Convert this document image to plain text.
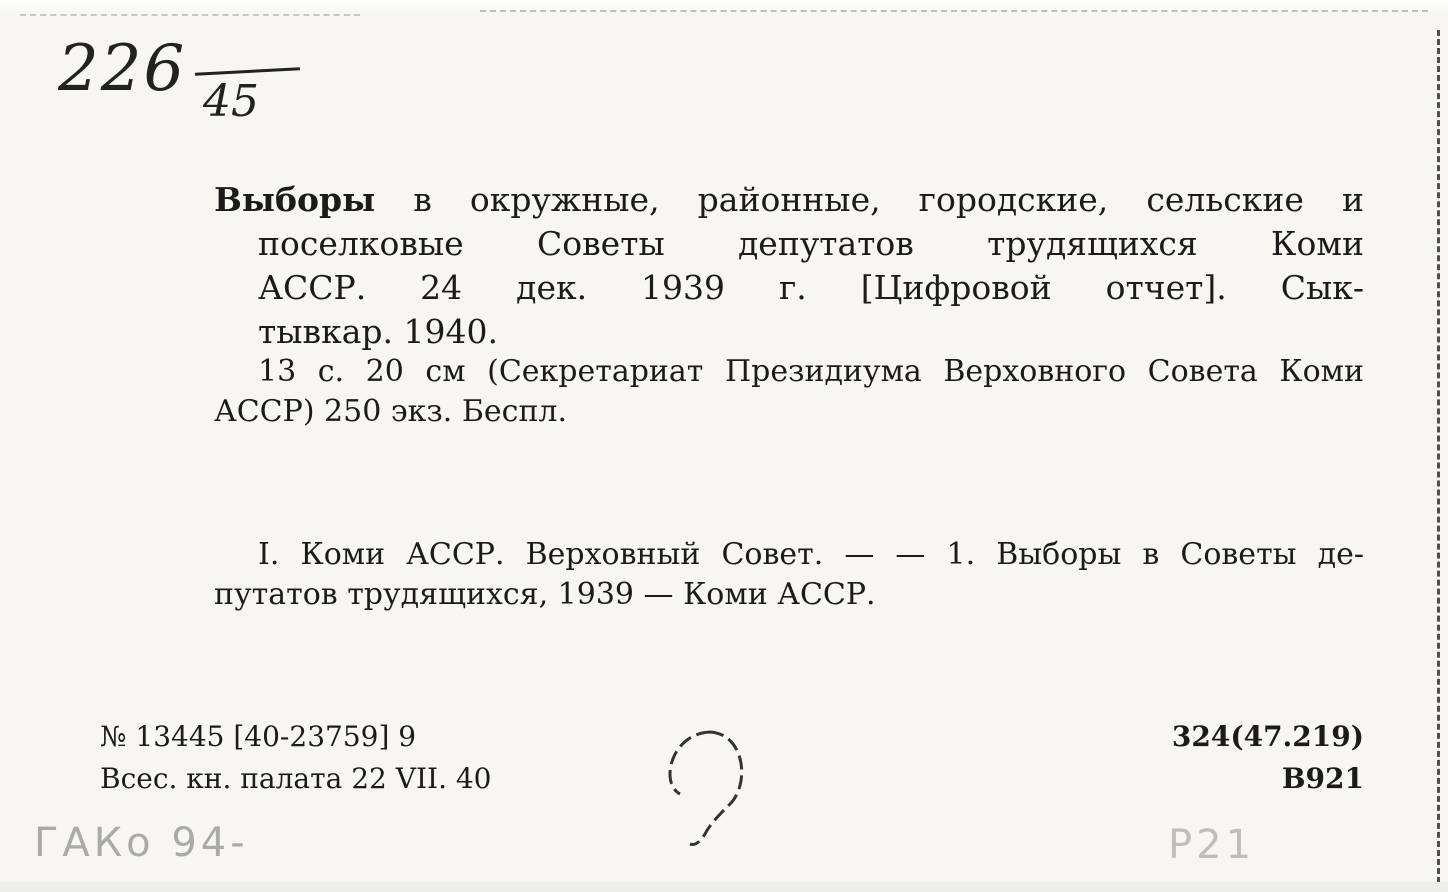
226 45
Выборы в окружные, районные, городские, сельские и
поселковые Советы депутатов трудящихся Коми
АССР. 24 дек. 1939 г. [Цифровой отчет]. Сык-
тывкар. 1940.
13 с. 20 см (Секретариат Президиума Верховного Совета Коми
АССР) 250 экз. Беспл.
I. Коми АССР. Верховный Совет. — — 1. Выборы в Советы де-
путатов трудящихся, 1939 — Коми АССР.
№ 13445 [40-23759] 9
Всес. кн. палата 22 VII. 40
324(47.219)
В921
ГАКо 94-	Р21
